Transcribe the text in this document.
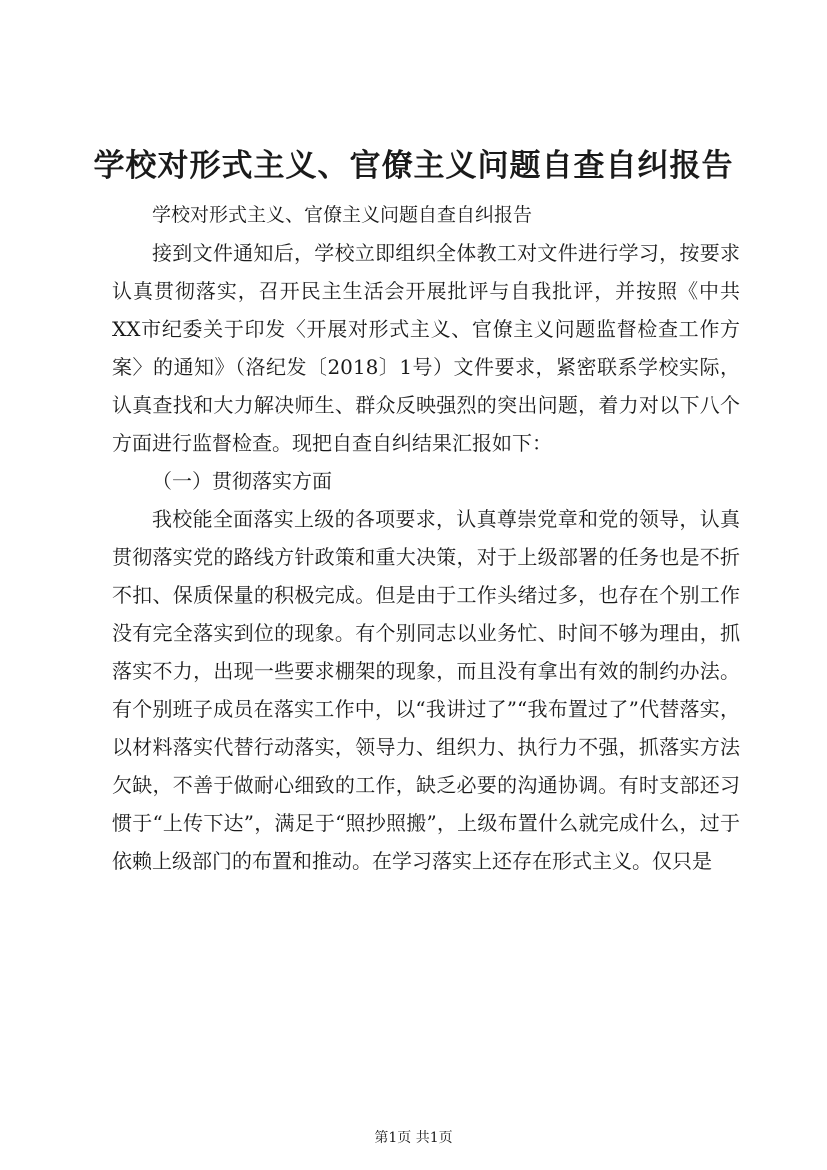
学校对形式主义、官僚主义问题自查自纠报告

学校对形式主义、官僚主义问题自查自纠报告

接到文件通知后，学校立即组织全体教工对文件进行学习，按要求认真贯彻落实，召开民主生活会开展批评与自我批评，并按照《中共XX市纪委关于印发〈开展对形式主义、官僚主义问题监督检查工作方案〉的通知》（洛纪发〔2018〕1号）文件要求，紧密联系学校实际，认真查找和大力解决师生、群众反映强烈的突出问题，着力对以下八个方面进行监督检查。现把自查自纠结果汇报如下：

（一）贯彻落实方面

我校能全面落实上级的各项要求，认真尊崇党章和党的领导，认真贯彻落实党的路线方针政策和重大决策，对于上级部署的任务也是不折不扣、保质保量的积极完成。但是由于工作头绪过多，也存在个别工作没有完全落实到位的现象。有个别同志以业务忙、时间不够为理由，抓落实不力，出现一些要求棚架的现象，而且没有拿出有效的制约办法。有个别班子成员在落实工作中，以“我讲过了”“我布置过了”代替落实，以材料落实代替行动落实，领导力、组织力、执行力不强，抓落实方法欠缺，不善于做耐心细致的工作，缺乏必要的沟通协调。有时支部还习惯于“上传下达”，满足于“照抄照搬”，上级布置什么就完成什么，过于依赖上级部门的布置和推动。在学习落实上还存在形式主义。仅只是

第1页 共1页
